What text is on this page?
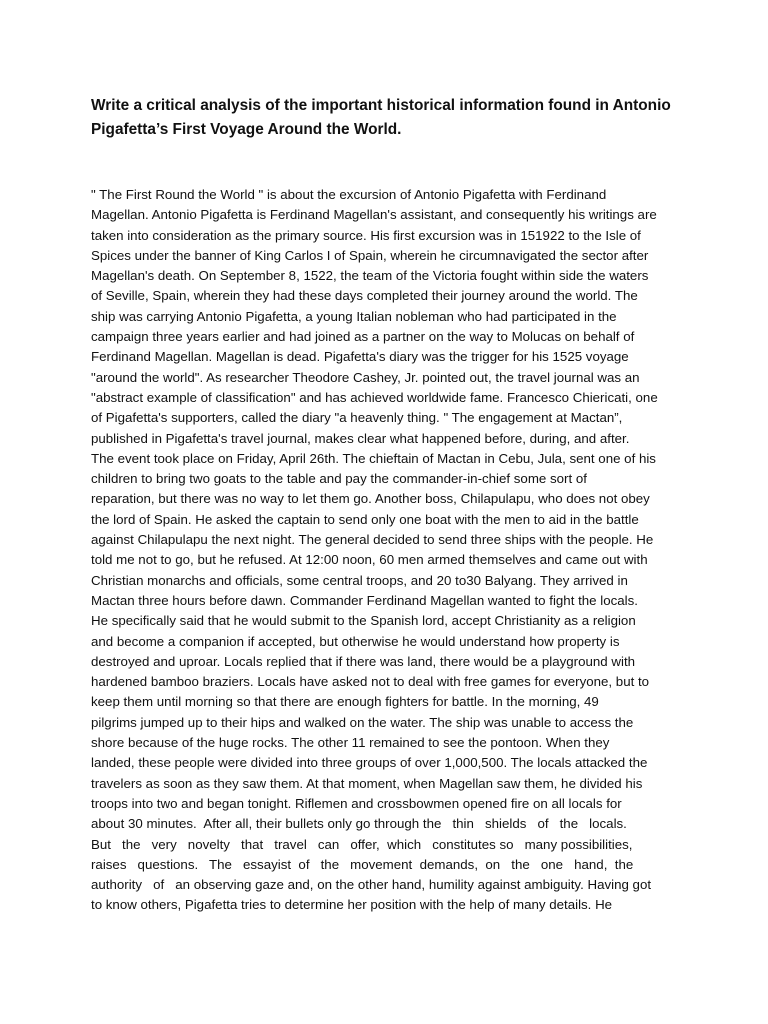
Write a critical analysis of the important historical information found in Antonio
Pigafetta’s First Voyage Around the World.
" The First Round the World " is about the excursion of Antonio Pigafetta with Ferdinand
Magellan. Antonio Pigafetta is Ferdinand Magellan's assistant, and consequently his writings are
taken into consideration as the primary source. His first excursion was in 151922 to the Isle of
Spices under the banner of King Carlos I of Spain, wherein he circumnavigated the sector after
Magellan's death. On September 8, 1522, the team of the Victoria fought within side the waters
of Seville, Spain, wherein they had these days completed their journey around the world. The
ship was carrying Antonio Pigafetta, a young Italian nobleman who had participated in the
campaign three years earlier and had joined as a partner on the way to Molucas on behalf of
Ferdinand Magellan. Magellan is dead. Pigafetta's diary was the trigger for his 1525 voyage
"around the world". As researcher Theodore Cashey, Jr. pointed out, the travel journal was an
"abstract example of classification" and has achieved worldwide fame. Francesco Chiericati, one
of Pigafetta's supporters, called the diary "a heavenly thing. " The engagement at Mactan”,
published in Pigafetta's travel journal, makes clear what happened before, during, and after.
The event took place on Friday, April 26th. The chieftain of Mactan in Cebu, Jula, sent one of his
children to bring two goats to the table and pay the commander-in-chief some sort of
reparation, but there was no way to let them go. Another boss, Chilapulapu, who does not obey
the lord of Spain. He asked the captain to send only one boat with the men to aid in the battle
against Chilapulapu the next night. The general decided to send three ships with the people. He
told me not to go, but he refused. At 12:00 noon, 60 men armed themselves and came out with
Christian monarchs and officials, some central troops, and 20 to30 Balyang. They arrived in
Mactan three hours before dawn. Commander Ferdinand Magellan wanted to fight the locals.
He specifically said that he would submit to the Spanish lord, accept Christianity as a religion
and become a companion if accepted, but otherwise he would understand how property is
destroyed and uproar. Locals replied that if there was land, there would be a playground with
hardened bamboo braziers. Locals have asked not to deal with free games for everyone, but to
keep them until morning so that there are enough fighters for battle. In the morning, 49
pilgrims jumped up to their hips and walked on the water. The ship was unable to access the
shore because of the huge rocks. The other 11 remained to see the pontoon. When they
landed, these people were divided into three groups of over 1,000,500. The locals attacked the
travelers as soon as they saw them. At that moment, when Magellan saw them, he divided his
troops into two and began tonight. Riflemen and crossbowmen opened fire on all locals for
about 30 minutes.  After all, their bullets only go through the   thin   shields   of   the   locals.
But   the   very   novelty   that   travel   can   offer,  which   constitutes so   many possibilities,
raises   questions.   The   essayist  of   the   movement  demands,  on   the   one   hand,  the
authority   of   an observing gaze and, on the other hand, humility against ambiguity. Having got
to know others, Pigafetta tries to determine her position with the help of many details. He
